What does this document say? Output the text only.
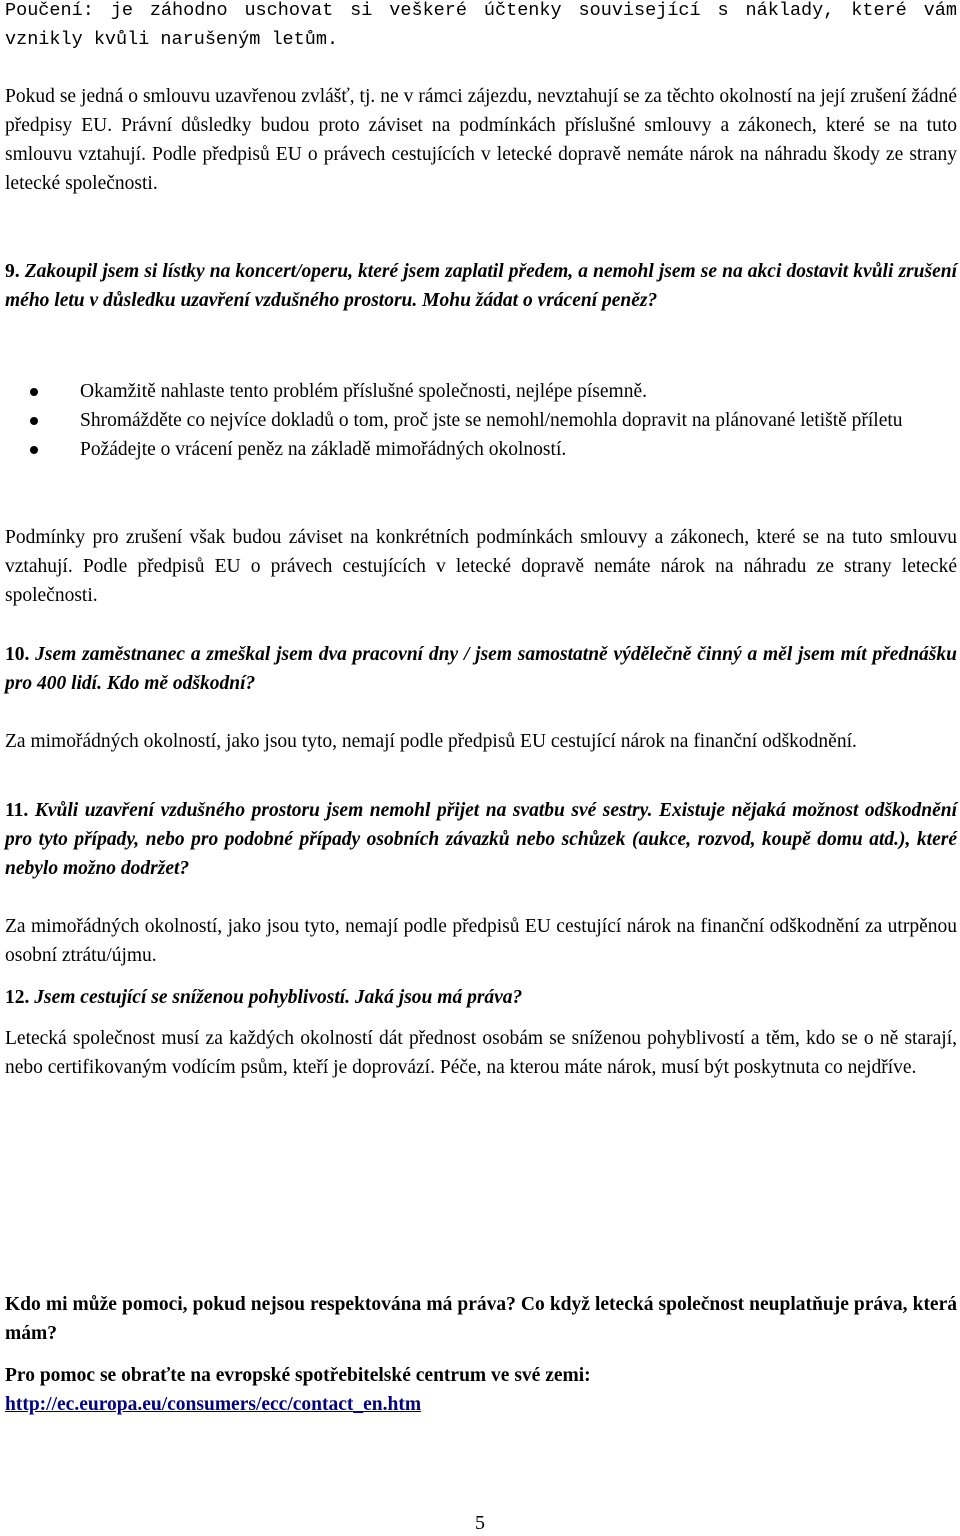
Poučení: je záhodno uschovat si veškeré účtenky související s náklady, které vám vznikly kvůli narušeným letům.

Pokud se jedná o smlouvu uzavřenou zvlášť, tj. ne v rámci zájezdu, nevztahují se za těchto okolností na její zrušení žádné předpisy EU. Právní důsledky budou proto záviset na podmínkách příslušné smlouvy a zákonech, které se na tuto smlouvu vztahují. Podle předpisů EU o právech cestujících v letecké dopravě nemáte nárok na náhradu škody ze strany letecké společnosti.

9. Zakoupil jsem si lístky na koncert/operu, které jsem zaplatil předem, a nemohl jsem se na akci dostavit kvůli zrušení mého letu v důsledku uzavření vzdušného prostoru. Mohu žádat o vrácení peněz?

Okamžitě nahlaste tento problém příslušné společnosti, nejlépe písemně.
Shromážděte co nejvíce dokladů o tom, proč jste se nemohl/nemohla dopravit na plánované letiště příletu
Požádejte o vrácení peněz na základě mimořádných okolností.

Podmínky pro zrušení však budou záviset na konkrétních podmínkách smlouvy a zákonech, které se na tuto smlouvu vztahují. Podle předpisů EU o právech cestujících v letecké dopravě nemáte nárok na náhradu ze strany letecké společnosti.

10. Jsem zaměstnanec a zmeškal jsem dva pracovní dny / jsem samostatně výdělečně činný a měl jsem mít přednášku pro 400 lidí. Kdo mě odškodní?

Za mimořádných okolností, jako jsou tyto, nemají podle předpisů EU cestující nárok na finanční odškodnění.

11. Kvůli uzavření vzdušného prostoru jsem nemohl přijet na svatbu své sestry. Existuje nějaká možnost odškodnění pro tyto případy, nebo pro podobné případy osobních závazků nebo schůzek (aukce, rozvod, koupě domu atd.), které nebylo možno dodržet?

Za mimořádných okolností, jako jsou tyto, nemají podle předpisů EU cestující nárok na finanční odškodnění za utrpěnou osobní ztrátu/újmu.

12. Jsem cestující se sníženou pohyblivostí. Jaká jsou má práva?

Letecká společnost musí za každých okolností dát přednost osobám se sníženou pohyblivostí a těm, kdo se o ně starají, nebo certifikovaným vodícím psům, kteří je doprovází. Péče, na kterou máte nárok, musí být poskytnuta co nejdříve.

Kdo mi může pomoci, pokud nejsou respektována má práva? Co když letecká společnost neuplatňuje práva, která mám?

Pro pomoc se obraťte na evropské spotřebitelské centrum ve své zemi:

http://ec.europa.eu/consumers/ecc/contact_en.htm

5
